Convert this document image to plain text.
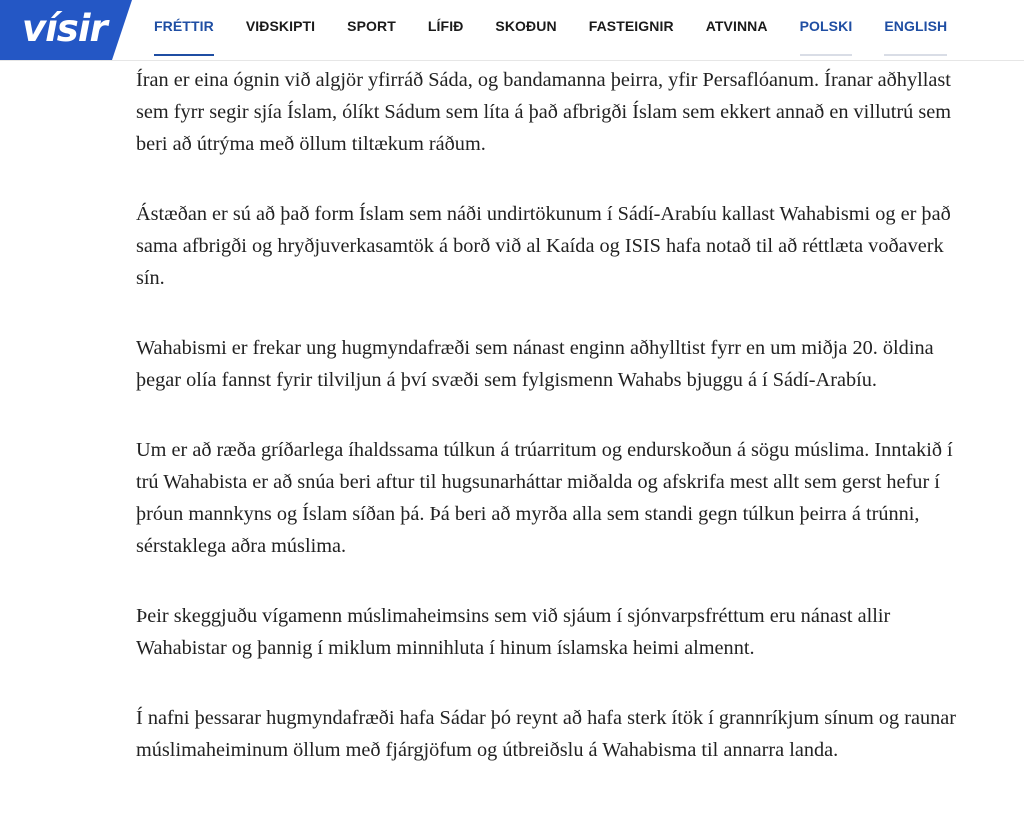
vísir	FRÉTTIR	VIÐSKIPTI	SPORT	LÍFIÐ	SKOÐUN	FASTEIGNIR	ATVINNA	POLSKI	ENGLISH

Íran er eina ógnin við algjör yfirráð Sáda, og bandamanna þeirra, yfir Persaflóanum. Íranar aðhyllast sem fyrr segir sjía Íslam, ólíkt Sádum sem líta á það afbrigði Íslam sem ekkert annað en villutrú sem beri að útrýma með öllum tiltækum ráðum.

Ástæðan er sú að það form Íslam sem náði undirtökunum í Sádí-Arabíu kallast Wahabismi og er það sama afbrigði og hryðjuverkasamtök á borð við al Kaída og ISIS hafa notað til að réttlæta voðaverk sín.

Wahabismi er frekar ung hugmyndafræði sem nánast enginn aðhylltist fyrr en um miðja 20. öldina þegar olía fannst fyrir tilviljun á því svæði sem fylgismenn Wahabs bjuggu á í Sádí-Arabíu.

Um er að ræða gríðarlega íhaldssama túlkun á trúarritum og endurskoðun á sögu múslima. Inntakið í trú Wahabista er að snúa beri aftur til hugsunarháttar miðalda og afskrifa mest allt sem gerst hefur í þróun mannkyns og Íslam síðan þá. Þá beri að myrða alla sem standi gegn túlkun þeirra á trúnni, sérstaklega aðra múslima.

Þeir skeggjuðu vígamenn múslimaheimsins sem við sjáum í sjónvarpsfréttum eru nánast allir Wahabistar og þannig í miklum minnihluta í hinum íslamska heimi almennt.

Í nafni þessarar hugmyndafræði hafa Sádar þó reynt að hafa sterk ítök í grannríkjum sínum og raunar múslimaheiminum öllum með fjárgjöfum og útbreiðslu á Wahabisma til annarra landa.
